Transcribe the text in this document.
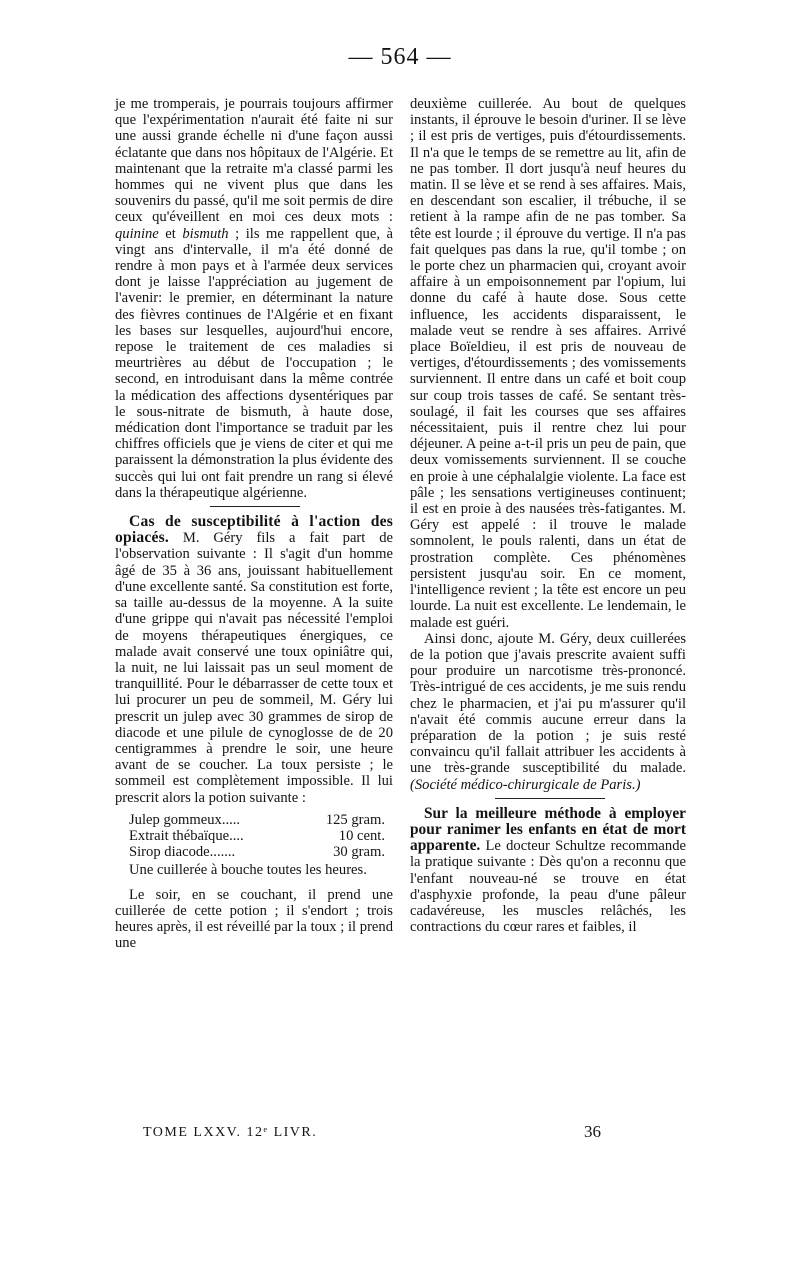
— 564 —

je me tromperais, je pourrais toujours affirmer que l'expérimentation n'aurait été faite ni sur une aussi grande échelle ni d'une façon aussi éclatante que dans nos hôpitaux de l'Algérie. Et maintenant que la retraite m'a classé parmi les hommes qui ne vivent plus que dans les souvenirs du passé, qu'il me soit permis de dire ceux qu'éveillent en moi ces deux mots : quinine et bismuth ; ils me rappellent que, à vingt ans d'intervalle, il m'a été donné de rendre à mon pays et à l'armée deux services dont je laisse l'appréciation au jugement de l'avenir: le premier, en déterminant la nature des fièvres continues de l'Algérie et en fixant les bases sur lesquelles, aujourd'hui encore, repose le traitement de ces maladies si meurtrières au début de l'occupation ; le second, en introduisant dans la même contrée la médication des affections dysentériques par le sous-nitrate de bismuth, à haute dose, médication dont l'importance se traduit par les chiffres officiels que je viens de citer et qui me paraissent la démonstration la plus évidente des succès qui lui ont fait prendre un rang si élevé dans la thérapeutique algérienne.

Cas de susceptibilité à l'action des opiacés. M. Géry fils a fait part de l'observation suivante : Il s'agit d'un homme âgé de 35 à 36 ans, jouissant habituellement d'une excellente santé. Sa constitution est forte, sa taille au-dessus de la moyenne. A la suite d'une grippe qui n'avait pas nécessité l'emploi de moyens thérapeutiques énergiques, ce malade avait conservé une toux opiniâtre qui, la nuit, ne lui laissait pas un seul moment de tranquillité. Pour le débarrasser de cette toux et lui procurer un peu de sommeil, M. Géry lui prescrit un julep avec 30 grammes de sirop de diacode et une pilule de cynoglosse de de 20 centigrammes à prendre le soir, une heure avant de se coucher. La toux persiste ; le sommeil est complètement impossible. Il lui prescrit alors la potion suivante :

Julep gommeux.....	125 gram.
Extrait thébaïque....	10 cent.
Sirop diacode.......	30 gram.

Une cuillerée à bouche toutes les heures.

Le soir, en se couchant, il prend une cuillerée de cette potion ; il s'endort ; trois heures après, il est réveillé par la toux ; il prend une

deuxième cuillerée. Au bout de quelques instants, il éprouve le besoin d'uriner. Il se lève ; il est pris de vertiges, puis d'étourdissements. Il n'a que le temps de se remettre au lit, afin de ne pas tomber. Il dort jusqu'à neuf heures du matin. Il se lève et se rend à ses affaires. Mais, en descendant son escalier, il trébuche, il se retient à la rampe afin de ne pas tomber. Sa tête est lourde ; il éprouve du vertige. Il n'a pas fait quelques pas dans la rue, qu'il tombe ; on le porte chez un pharmacien qui, croyant avoir affaire à un empoisonnement par l'opium, lui donne du café à haute dose. Sous cette influence, les accidents disparaissent, le malade veut se rendre à ses affaires. Arrivé place Boïeldieu, il est pris de nouveau de vertiges, d'étourdissements ; des vomissements surviennent. Il entre dans un café et boit coup sur coup trois tasses de café. Se sentant très-soulagé, il fait les courses que ses affaires nécessitaient, puis il rentre chez lui pour déjeuner. A peine a-t-il pris un peu de pain, que deux vomissements surviennent. Il se couche en proie à une céphalalgie violente. La face est pâle ; les sensations vertigineuses continuent; il est en proie à des nausées très-fatigantes. M. Géry est appelé : il trouve le malade somnolent, le pouls ralenti, dans un état de prostration complète. Ces phénomènes persistent jusqu'au soir. En ce moment, l'intelligence revient ; la tête est encore un peu lourde. La nuit est excellente. Le lendemain, le malade est guéri.

Ainsi donc, ajoute M. Géry, deux cuillerées de la potion que j'avais prescrite avaient suffi pour produire un narcotisme très-prononcé. Très-intrigué de ces accidents, je me suis rendu chez le pharmacien, et j'ai pu m'assurer qu'il n'avait été commis aucune erreur dans la préparation de la potion ; je suis resté convaincu qu'il fallait attribuer les accidents à une très-grande susceptibilité du malade. (Société médico-chirurgicale de Paris.)

Sur la meilleure méthode à employer pour ranimer les enfants en état de mort apparente. Le docteur Schultze recommande la pratique suivante : Dès qu'on a reconnu que l'enfant nouveau-né se trouve en état d'asphyxie profonde, la peau d'une pâleur cadavéreuse, les muscles relâchés, les contractions du cœur rares et faibles, il

TOME LXXV. 12ᵉ LIVR.	36
